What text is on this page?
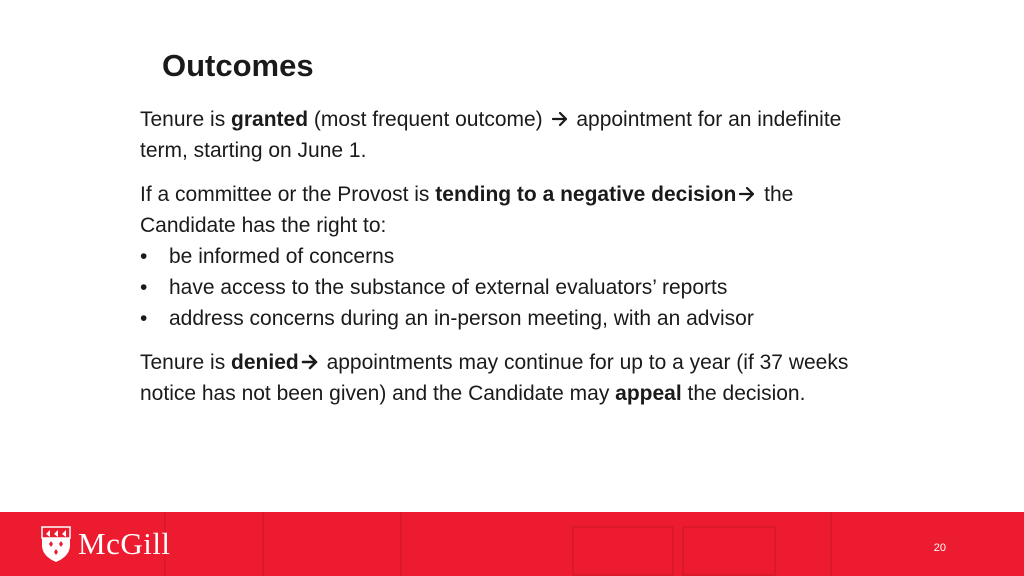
Outcomes

Tenure is granted (most frequent outcome)  appointment for an indefinite term, starting on June 1.

If a committee or the Provost is tending to a negative decision the Candidate has the right to:

• be informed of concerns
• have access to the substance of external evaluators’ reports
• address concerns during an in-person meeting, with an advisor

Tenure is denied appointments may continue for up to a year (if 37 weeks notice has not been given) and the Candidate may appeal the decision.

McGill	20
